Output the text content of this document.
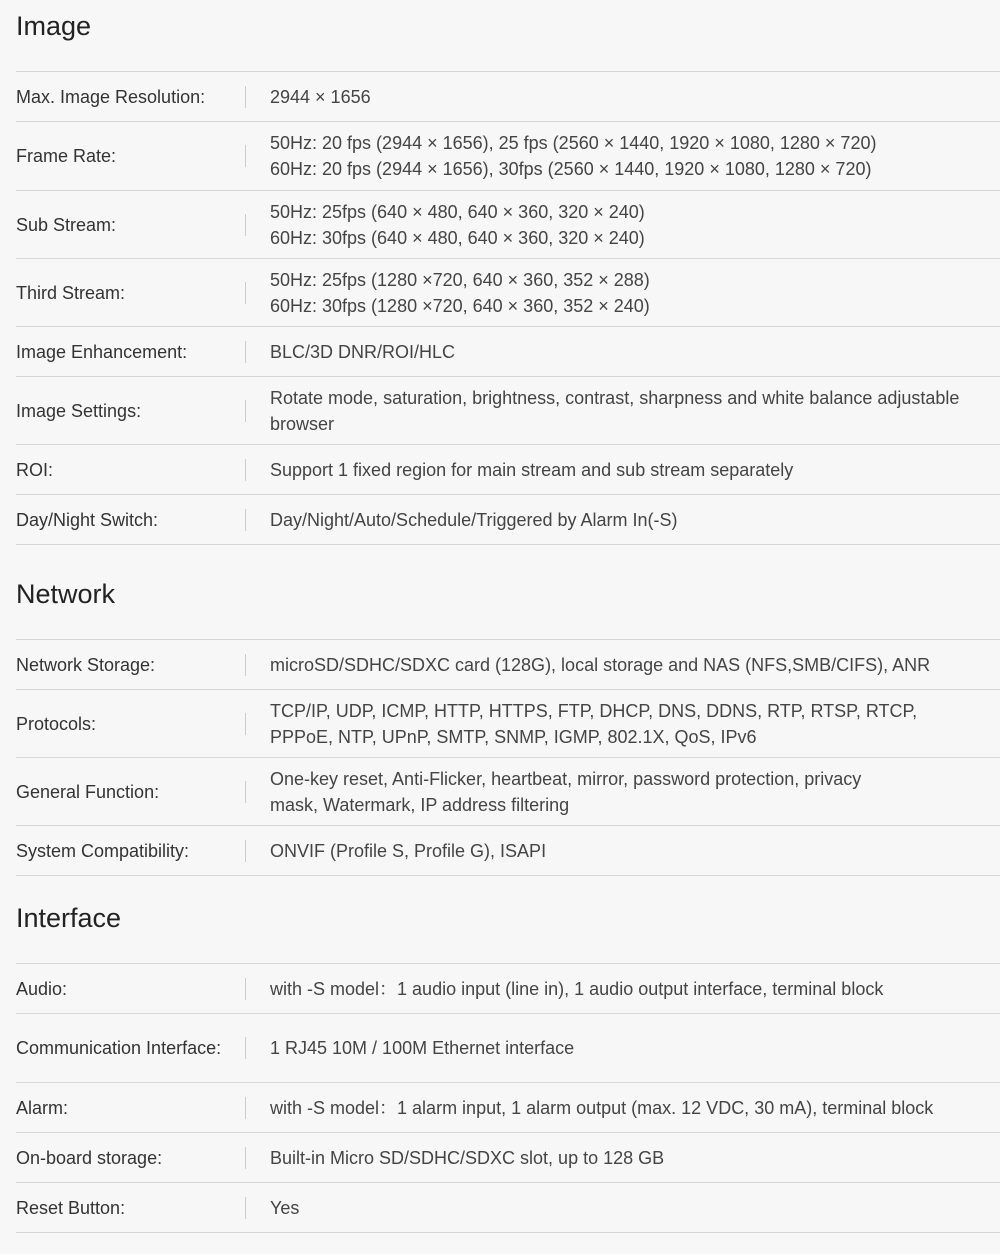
Image
Max. Image Resolution:	2944 × 1656
Frame Rate:
50Hz: 20 fps (2944 × 1656), 25 fps (2560 × 1440, 1920 × 1080, 1280 × 720)
60Hz: 20 fps (2944 × 1656), 30fps (2560 × 1440, 1920 × 1080, 1280 × 720)
Sub Stream:
50Hz: 25fps (640 × 480, 640 × 360, 320 × 240)
60Hz: 30fps (640 × 480, 640 × 360, 320 × 240)
Third Stream:
50Hz: 25fps (1280 ×720, 640 × 360, 352 × 288)
60Hz: 30fps (1280 ×720, 640 × 360, 352 × 240)
Image Enhancement:	BLC/3D DNR/ROI/HLC
Image Settings:
Rotate mode, saturation, brightness, contrast, sharpness and white balance adjustable
browser
ROI:	Support 1 fixed region for main stream and sub stream separately
Day/Night Switch:	Day/Night/Auto/Schedule/Triggered by Alarm In(-S)
Network
Network Storage:	microSD/SDHC/SDXC card (128G), local storage and NAS (NFS,SMB/CIFS), ANR
Protocols:
TCP/IP, UDP, ICMP, HTTP, HTTPS, FTP, DHCP, DNS, DDNS, RTP, RTSP, RTCP,
PPPoE, NTP, UPnP, SMTP, SNMP, IGMP, 802.1X, QoS, IPv6
General Function:
One-key reset, Anti-Flicker, heartbeat, mirror, password protection, privacy
mask, Watermark, IP address filtering
System Compatibility:	ONVIF (Profile S, Profile G), ISAPI
Interface
Audio:	with -S model：1 audio input (line in), 1 audio output interface, terminal block
Communication Interface:	1 RJ45 10M / 100M Ethernet interface
Alarm:	with -S model：1 alarm input, 1 alarm output (max. 12 VDC, 30 mA), terminal block
On-board storage:	Built-in Micro SD/SDHC/SDXC slot, up to 128 GB
Reset Button:	Yes
